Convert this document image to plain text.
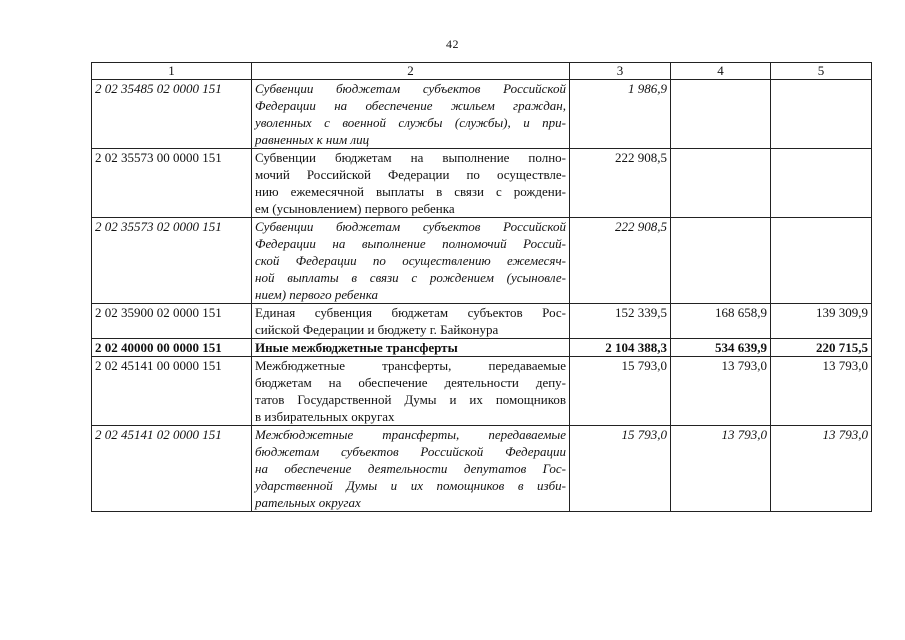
42
1	2	3	4	5
2 02 35485 02 0000 151	Субвенции бюджетам субъектов Российской
Федерации на обеспечение жильем граждан,
уволенных с военной службы (службы), и при-
равненных к ним лиц	1 986,9		
2 02 35573 00 0000 151	Субвенции бюджетам на выполнение полно-
мочий Российской Федерации по осуществле-
нию ежемесячной выплаты в связи с рождени-
ем (усыновлением) первого ребенка	222 908,5		
2 02 35573 02 0000 151	Субвенции бюджетам субъектов Российской
Федерации на выполнение полномочий Россий-
ской Федерации по осуществлению ежемесяч-
ной выплаты в связи с рождением (усыновле-
нием) первого ребенка	222 908,5		
2 02 35900 02 0000 151	Единая субвенция бюджетам субъектов Рос-
сийской Федерации и бюджету г. Байконура	152 339,5	168 658,9	139 309,9
2 02 40000 00 0000 151	Иные межбюджетные трансферты	2 104 388,3	534 639,9	220 715,5
2 02 45141 00 0000 151	Межбюджетные трансферты, передаваемые
бюджетам на обеспечение деятельности депу-
татов Государственной Думы и их помощников
в избирательных округах	15 793,0	13 793,0	13 793,0
2 02 45141 02 0000 151	Межбюджетные трансферты, передаваемые
бюджетам субъектов Российской Федерации
на обеспечение деятельности депутатов Гос-
ударственной Думы и их помощников в изби-
рательных округах	15 793,0	13 793,0	13 793,0
